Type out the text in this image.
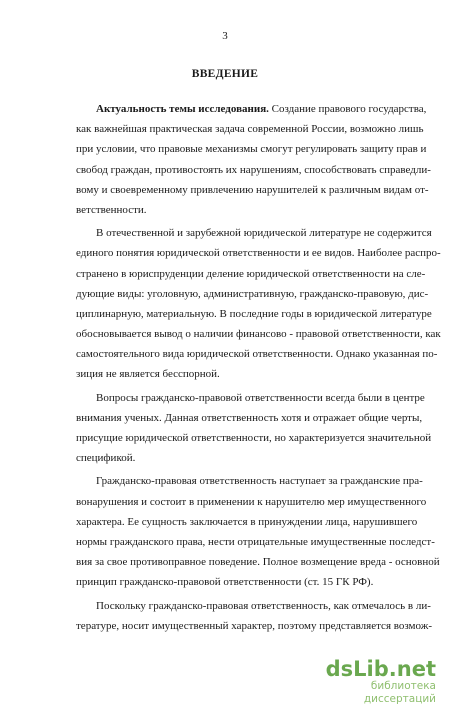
3
ВВЕДЕНИЕ
Актуальность темы исследования. Создание правового государства,
как важнейшая практическая задача современной России, возможно лишь
при условии, что правовые механизмы смогут регулировать защиту прав и
свобод граждан, противостоять их нарушениям, способствовать справедли-
вому и своевременному привлечению нарушителей к различным видам от-
ветственности.
В отечественной и зарубежной юридической литературе не содержится
единого понятия юридической ответственности и ее видов. Наиболее распро-
странено в юриспруденции деление юридической ответственности на сле-
дующие виды: уголовную, административную, гражданско-правовую, дис-
циплинарную, материальную. В последние годы в юридической литературе
обосновывается вывод о наличии финансово - правовой ответственности, как
самостоятельного вида юридической ответственности. Однако указанная по-
зиция не является бесспорной.
Вопросы гражданско-правовой ответственности всегда были в центре
внимания ученых. Данная ответственность хотя и отражает общие черты,
присущие юридической ответственности, но характеризуется значительной
спецификой.
Гражданско-правовая ответственность наступает за гражданские пра-
вонарушения и состоит в применении к нарушителю мер имущественного
характера. Ее сущность заключается в принуждении лица, нарушившего
нормы гражданского права, нести отрицательные имущественные последст-
вия за свое противоправное поведение. Полное возмещение вреда - основной
принцип гражданско-правовой ответственности (ст. 15 ГК РФ).
Поскольку гражданско-правовая ответственность, как отмечалось в ли-
тературе, носит имущественный характер, поэтому представляется возмож-
dsLib.net
библиотека диссертаций
